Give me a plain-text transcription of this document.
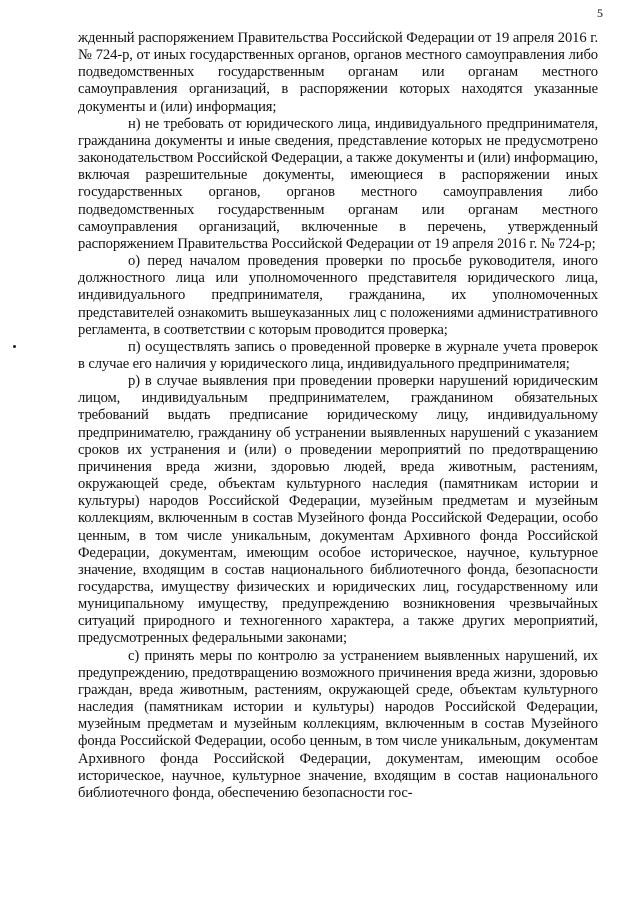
5

жденный распоряжением Правительства Российской Федерации от 19 апреля 2016 г. № 724-р, от иных государственных органов, органов местного самоуправления либо подведомственных государственным органам или органам местного самоуправления организаций, в распоряжении которых находятся указанные документы и (или) информация;

н) не требовать от юридического лица, индивидуального предпринимателя, гражданина документы и иные сведения, представление которых не предусмотрено законодательством Российской Федерации, а также документы и (или) информацию, включая разрешительные документы, имеющиеся в распоряжении иных государственных органов, органов местного самоуправления либо подведомственных государственным органам или органам местного самоуправления организаций, включенные в перечень, утвержденный распоряжением Правительства Российской Федерации от 19 апреля 2016 г. № 724-р;

о) перед началом проведения проверки по просьбе руководителя, иного должностного лица или уполномоченного представителя юридического лица, индивидуального предпринимателя, гражданина, их уполномоченных представителей ознакомить вышеуказанных лиц с положениями административного регламента, в соответствии с которым проводится проверка;

п) осуществлять запись о проведенной проверке в журнале учета проверок в случае его наличия у юридического лица, индивидуального предпринимателя;

р) в случае выявления при проведении проверки нарушений юридическим лицом, индивидуальным предпринимателем, гражданином обязательных требований выдать предписание юридическому лицу, индивидуальному предпринимателю, гражданину об устранении выявленных нарушений с указанием сроков их устранения и (или) о проведении мероприятий по предотвращению причинения вреда жизни, здоровью людей, вреда животным, растениям, окружающей среде, объектам культурного наследия (памятникам истории и культуры) народов Российской Федерации, музейным предметам и музейным коллекциям, включенным в состав Музейного фонда Российской Федерации, особо ценным, в том числе уникальным, документам Архивного фонда Российской Федерации, документам, имеющим особое историческое, научное, культурное значение, входящим в состав национального библиотечного фонда, безопасности государства, имуществу физических и юридических лиц, государственному или муниципальному имуществу, предупреждению возникновения чрезвычайных ситуаций природного и техногенного характера, а также других мероприятий, предусмотренных федеральными законами;

с) принять меры по контролю за устранением выявленных нарушений, их предупреждению, предотвращению возможного причинения вреда жизни, здоровью граждан, вреда животным, растениям, окружающей среде, объектам культурного наследия (памятникам истории и культуры) народов Российской Федерации, музейным предметам и музейным коллекциям, включенным в состав Музейного фонда Российской Федерации, особо ценным, в том числе уникальным, документам Архивного фонда Российской Федерации, документам, имеющим особое историческое, научное, культурное значение, входящим в состав национального библиотечного фонда, обеспечению безопасности гос-
